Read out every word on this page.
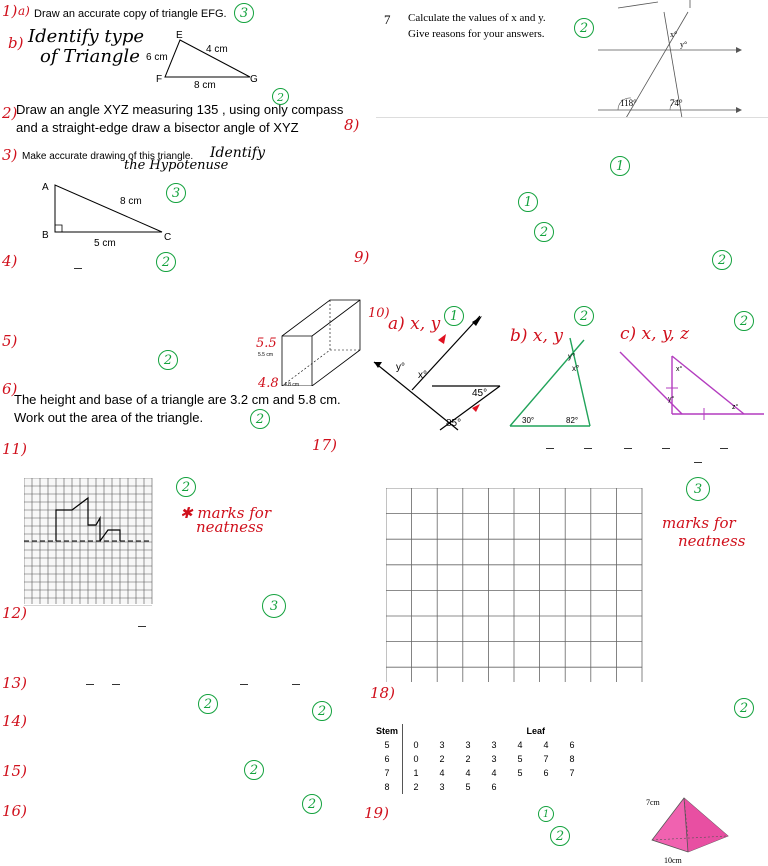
1) a) Draw an accurate copy of triangle EFG.	3
b) Identify type
of Triangle
E
F	G
6 cm
4 cm
8 cm
2)
Draw an angle XYZ measuring 135 , using only compass
and a straight-edge draw a bisector angle of XYZ
2
3) Make accurate drawing of this triangle. Identify
the Hypotenuse
3
A
B	C
8 cm
5 cm
4)	2
5)
2
5.5
5.5 cm
4.8 4.8 cm
6)
The height and base of a triangle are 3.2 cm and 5.8 cm.
Work out the area of the triangle.	2
11)
2
✱ marks for
neatness
12)	3
13)
14)
2	2
15)	2
16)	2
7 Calculate the values of x and y.
Give reasons for your answers.	2
118°	74°
x°
y°
8)
1
1
2
9)	2
10)
a) x, y 1
b) x, y
2
c) x, y, z
2
y°
x°
45°
85°	30°	82°
y°
x°	x°
y°
z°
17)
3
marks for
neatness
18)
2
Stem	Leaf						
5	0	3	3	3	4	4	6
6	0	2	2	3	5	7	8
7	1	4	4	4	5	6	7
8	2	3	5	6			
19)	1
2
7cm
10cm
